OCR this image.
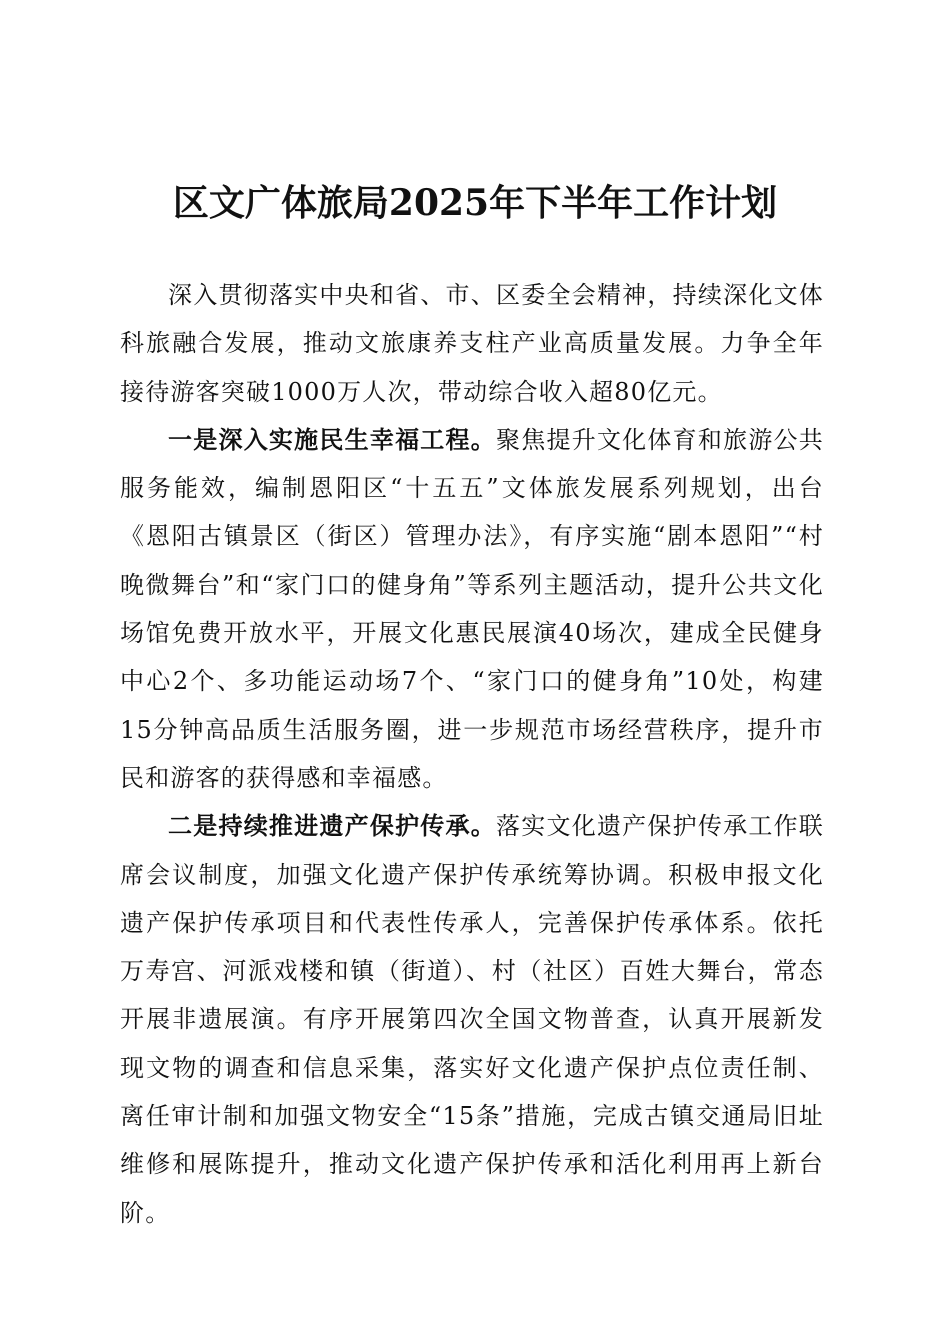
区文广体旅局2025年下半年工作计划

深入贯彻落实中央和省、市、区委全会精神，持续深化文体科旅融合发展，推动文旅康养支柱产业高质量发展。力争全年接待游客突破1000万人次，带动综合收入超80亿元。

一是深入实施民生幸福工程。聚焦提升文化体育和旅游公共服务能效，编制恩阳区“十五五”文体旅发展系列规划，出台《恩阳古镇景区（街区）管理办法》，有序实施“剧本恩阳”“村晚微舞台”和“家门口的健身角”等系列主题活动，提升公共文化场馆免费开放水平，开展文化惠民展演40场次，建成全民健身中心2个、多功能运动场7个、“家门口的健身角”10处，构建15分钟高品质生活服务圈，进一步规范市场经营秩序，提升市民和游客的获得感和幸福感。

二是持续推进遗产保护传承。落实文化遗产保护传承工作联席会议制度，加强文化遗产保护传承统筹协调。积极申报文化遗产保护传承项目和代表性传承人，完善保护传承体系。依托万寿宫、河派戏楼和镇（街道）、村（社区）百姓大舞台，常态开展非遗展演。有序开展第四次全国文物普查，认真开展新发现文物的调查和信息采集，落实好文化遗产保护点位责任制、离任审计制和加强文物安全“15条”措施，完成古镇交通局旧址维修和展陈提升，推动文化遗产保护传承和活化利用再上新台阶。
